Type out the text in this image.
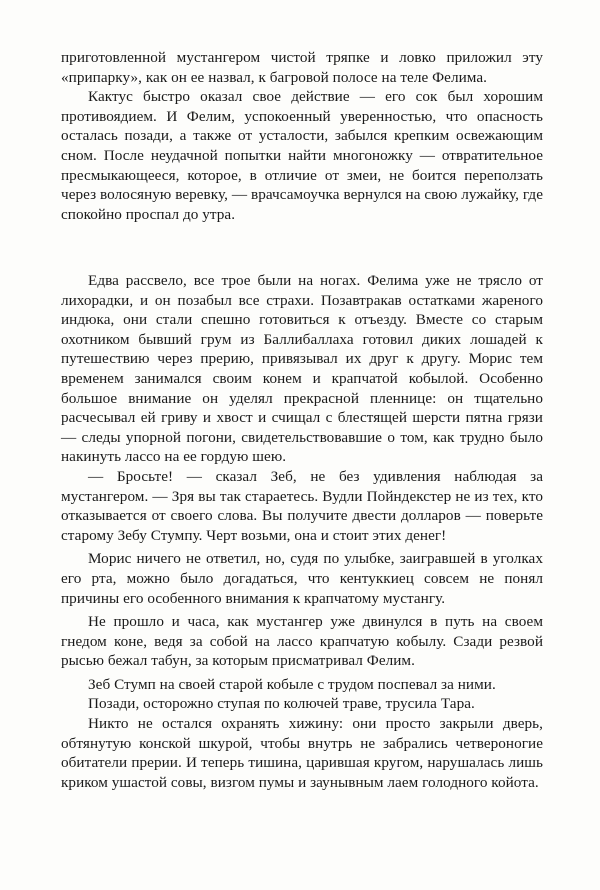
приготовленной мустангером чистой тряпке и ловко приложил эту «припарку», как он ее назвал, к багровой полосе на теле Фелима.

Кактус быстро оказал свое действие — его сок был хорошим противоядием. И Фелим, успокоенный уверенностью, что опасность осталась позади, а также от усталости, забылся крепким освежающим сном. После неудачной попытки найти многоножку — отвратительное пресмыкающееся, которое, в отличие от змеи, не боится переползать через волосяную веревку, — врачсамоучка вернулся на свою лужайку, где спокойно проспал до утра.

Едва рассвело, все трое были на ногах. Фелима уже не трясло от лихорадки, и он позабыл все страхи. Позавтракав остатками жареного индюка, они стали спешно готовиться к отъезду. Вместе со старым охотником бывший грум из Баллибаллаха готовил диких лошадей к путешествию через прерию, привязывал их друг к другу. Морис тем временем занимался своим конем и крапчатой кобылой. Особенно большое внимание он уделял прекрасной пленнице: он тщательно расчесывал ей гриву и хвост и счищал с блестящей шерсти пятна грязи — следы упорной погони, свидетельствовавшие о том, как трудно было накинуть лассо на ее гордую шею.

— Бросьте! — сказал Зеб, не без удивления наблюдая за мустангером. — Зря вы так стараетесь. Вудли Пойндекстер не из тех, кто отказывается от своего слова. Вы получите двести долларов — поверьте старому Зебу Стумпу. Черт возьми, она и стоит этих денег!

Морис ничего не ответил, но, судя по улыбке, заигравшей в уголках его рта, можно было догадаться, что кентуккиец совсем не понял причины его особенного внимания к крапчатому мустангу.

Не прошло и часа, как мустангер уже двинулся в путь на своем гнедом коне, ведя за собой на лассо крапчатую кобылу. Сзади резвой рысью бежал табун, за которым присматривал Фелим.

Зеб Стумп на своей старой кобыле с трудом поспевал за ними.

Позади, осторожно ступая по колючей траве, трусила Тара.

Никто не остался охранять хижину: они просто закрыли дверь, обтянутую конской шкурой, чтобы внутрь не забрались четвероногие обитатели прерии. И теперь тишина, царившая кругом, нарушалась лишь криком ушастой совы, визгом пумы и заунывным лаем голодного койота.
